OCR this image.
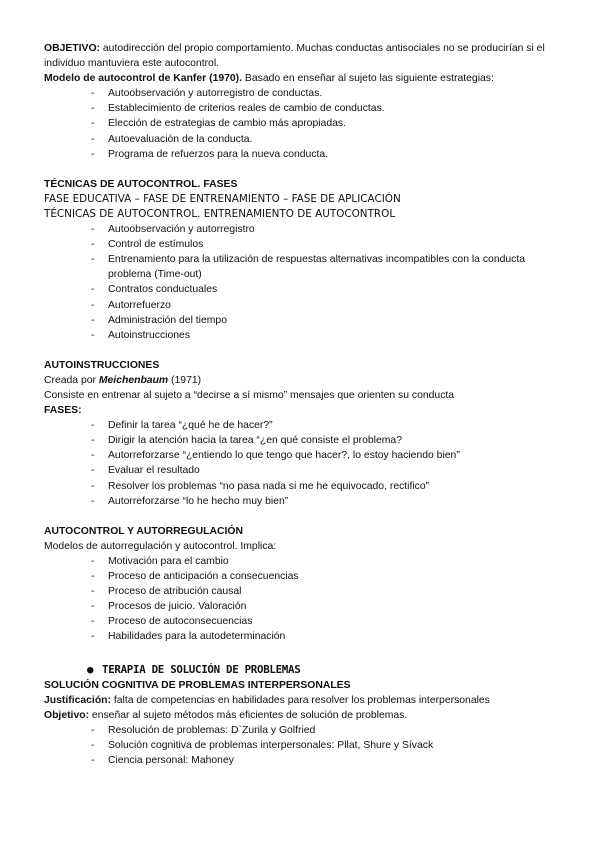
OBJETIVO: autodirección del propio comportamiento. Muchas conductas antisociales no se producirían si el individuo mantuviera este autocontrol.

Modelo de autocontrol de Kanfer (1970). Basado en enseñar al sujeto las siguiente estrategias:

- Autoobservación y autorregistro de conductas.
- Establecimiento de criterios reales de cambio de conductas.
- Elección de estrategias de cambio más apropiadas.
- Autoevaluación de la conducta.
- Programa de refuerzos para la nueva conducta.

TÉCNICAS DE AUTOCONTROL. FASES

FASE EDUCATIVA – FASE DE ENTRENAMIENTO – FASE DE APLICACIÓN

TÉCNICAS DE AUTOCONTROL. ENTRENAMIENTO DE AUTOCONTROL

- Autoobservación y autorregistro
- Control de estímulos
- Entrenamiento para la utilización de respuestas alternativas incompatibles con la conducta problema (Time-out)
- Contratos conductuales
- Autorrefuerzo
- Administración del tiempo
- Autoinstrucciones

AUTOINSTRUCCIONES

Creada por Meichenbaum (1971)

Consiste en entrenar al sujeto a “decirse a sí mismo” mensajes que orienten su conducta

FASES:

- Definir la tarea “¿qué he de hacer?”
- Dirigir la atención hacia la tarea “¿en qué consiste el problema?
- Autorreforzarse “¿entiendo lo que tengo que hacer?, lo estoy haciendo bien”
- Evaluar el resultado
- Resolver los problemas “no pasa nada si me he equivocado, rectifico”
- Autorreforzarse “lo he hecho muy bien”

AUTOCONTROL Y AUTORREGULACIÓN

Modelos de autorregulación y autocontrol. Implica:

- Motivación para el cambio
- Proceso de anticipación a consecuencias
- Proceso de atribución causal
- Procesos de juicio. Valoración
- Proceso de autoconsecuencias
- Habilidades para la autodeterminación

● TERAPIA DE SOLUCIÓN DE PROBLEMAS

SOLUCIÓN COGNITIVA DE PROBLEMAS INTERPERSONALES

Justificación: falta de competencias en habilidades para resolver los problemas interpersonales

Objetivo: enseñar al sujeto métodos más eficientes de solución de problemas.

- Resolución de problemas: D`Zurila y Golfried
- Solución cognitiva de problemas interpersonales: Pllat, Shure y Sívack
- Ciencia personal: Mahoney
